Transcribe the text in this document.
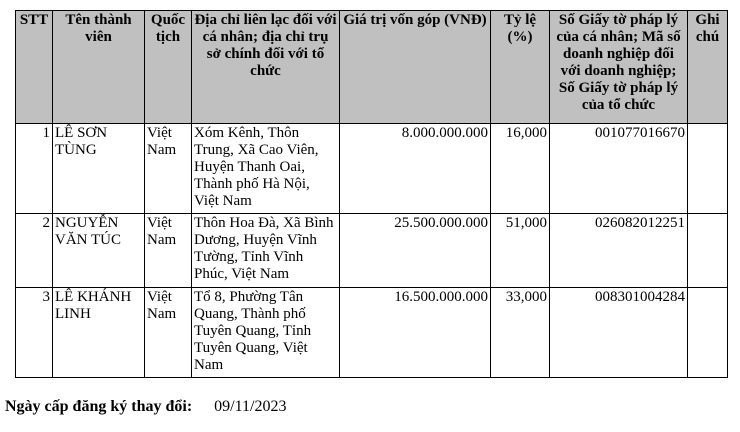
STT	Tên thành viên	Quốc tịch	Địa chỉ liên lạc đối với cá nhân; địa chỉ trụ sở chính đối với tổ chức	Giá trị vốn góp (VNĐ)	Tỷ lệ (%)	Số Giấy tờ pháp lý của cá nhân; Mã số doanh nghiệp đối với doanh nghiệp; Số Giấy tờ pháp lý của tổ chức	Ghi chú
1	LÊ SƠN TÙNG	Việt Nam	Xóm Kênh, Thôn Trung, Xã Cao Viên, Huyện Thanh Oai, Thành phố Hà Nội, Việt Nam	8.000.000.000	16,000	001077016670	
2	NGUYỄN VĂN TÚC	Việt Nam	Thôn Hoa Đà, Xã Bình Dương, Huyện Vĩnh Tường, Tỉnh Vĩnh Phúc, Việt Nam	25.500.000.000	51,000	026082012251	
3	LÊ KHÁNH LINH	Việt Nam	Tổ 8, Phường Tân Quang, Thành phố Tuyên Quang, Tỉnh Tuyên Quang, Việt Nam	16.500.000.000	33,000	008301004284	
Ngày cấp đăng ký thay đổi: 09/11/2023
